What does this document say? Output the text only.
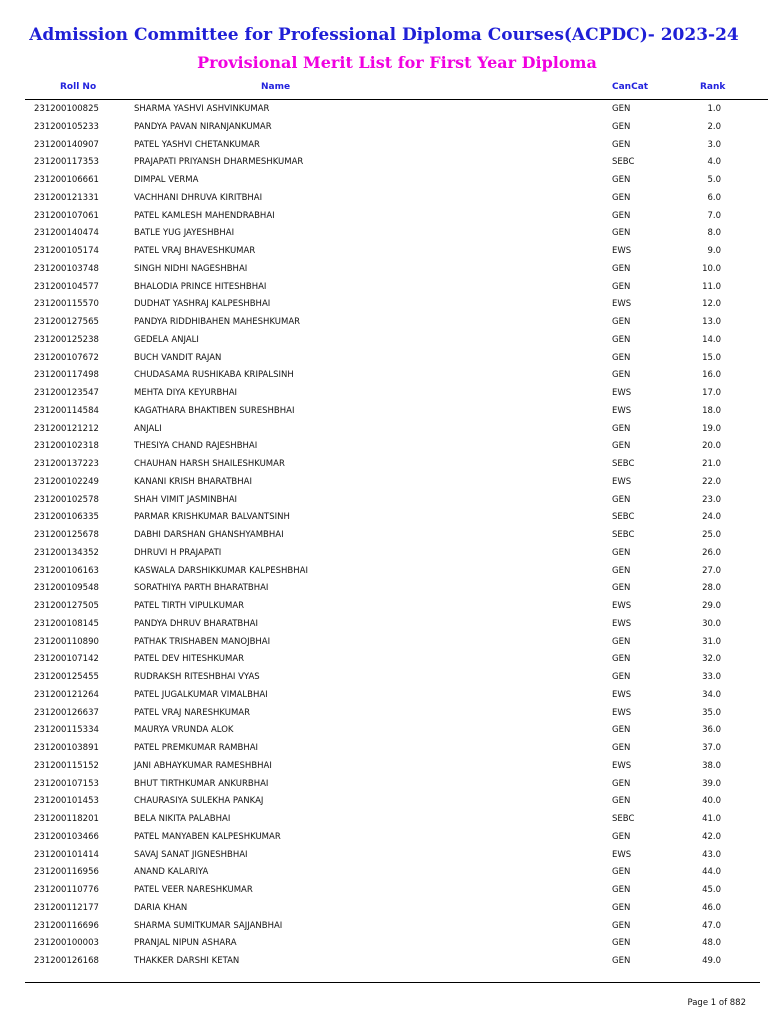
Admission Committee for Professional Diploma Courses(ACPDC)- 2023-24
Provisional Merit List for First Year Diploma
Roll No	Name	CanCat	Rank
231200100825	SHARMA YASHVI ASHVINKUMAR	GEN	1.0
231200105233	PANDYA PAVAN NIRANJANKUMAR	GEN	2.0
231200140907	PATEL YASHVI CHETANKUMAR	GEN	3.0
231200117353	PRAJAPATI PRIYANSH DHARMESHKUMAR	SEBC	4.0
231200106661	DIMPAL VERMA	GEN	5.0
231200121331	VACHHANI DHRUVA KIRITBHAI	GEN	6.0
231200107061	PATEL KAMLESH MAHENDRABHAI	GEN	7.0
231200140474	BATLE YUG JAYESHBHAI	GEN	8.0
231200105174	PATEL VRAJ BHAVESHKUMAR	EWS	9.0
231200103748	SINGH NIDHI NAGESHBHAI	GEN	10.0
231200104577	BHALODIA PRINCE HITESHBHAI	GEN	11.0
231200115570	DUDHAT YASHRAJ KALPESHBHAI	EWS	12.0
231200127565	PANDYA RIDDHIBAHEN MAHESHKUMAR	GEN	13.0
231200125238	GEDELA ANJALI	GEN	14.0
231200107672	BUCH VANDIT RAJAN	GEN	15.0
231200117498	CHUDASAMA RUSHIKABA KRIPALSINH	GEN	16.0
231200123547	MEHTA DIYA KEYURBHAI	EWS	17.0
231200114584	KAGATHARA BHAKTIBEN SURESHBHAI	EWS	18.0
231200121212	ANJALI	GEN	19.0
231200102318	THESIYA CHAND RAJESHBHAI	GEN	20.0
231200137223	CHAUHAN HARSH SHAILESHKUMAR	SEBC	21.0
231200102249	KANANI KRISH BHARATBHAI	EWS	22.0
231200102578	SHAH VIMIT JASMINBHAI	GEN	23.0
231200106335	PARMAR KRISHKUMAR BALVANTSINH	SEBC	24.0
231200125678	DABHI DARSHAN GHANSHYAMBHAI	SEBC	25.0
231200134352	DHRUVI H PRAJAPATI	GEN	26.0
231200106163	KASWALA DARSHIKKUMAR KALPESHBHAI	GEN	27.0
231200109548	SORATHIYA PARTH BHARATBHAI	GEN	28.0
231200127505	PATEL TIRTH VIPULKUMAR	EWS	29.0
231200108145	PANDYA DHRUV BHARATBHAI	EWS	30.0
231200110890	PATHAK TRISHABEN MANOJBHAI	GEN	31.0
231200107142	PATEL DEV HITESHKUMAR	GEN	32.0
231200125455	RUDRAKSH RITESHBHAI VYAS	GEN	33.0
231200121264	PATEL JUGALKUMAR VIMALBHAI	EWS	34.0
231200126637	PATEL VRAJ NARESHKUMAR	EWS	35.0
231200115334	MAURYA VRUNDA ALOK	GEN	36.0
231200103891	PATEL PREMKUMAR RAMBHAI	GEN	37.0
231200115152	JANI ABHAYKUMAR RAMESHBHAI	EWS	38.0
231200107153	BHUT TIRTHKUMAR ANKURBHAI	GEN	39.0
231200101453	CHAURASIYA SULEKHA PANKAJ	GEN	40.0
231200118201	BELA NIKITA PALABHAI	SEBC	41.0
231200103466	PATEL MANYABEN KALPESHKUMAR	GEN	42.0
231200101414	SAVAJ SANAT JIGNESHBHAI	EWS	43.0
231200116956	ANAND KALARIYA	GEN	44.0
231200110776	PATEL VEER NARESHKUMAR	GEN	45.0
231200112177	DARIA KHAN	GEN	46.0
231200116696	SHARMA SUMITKUMAR SAJJANBHAI	GEN	47.0
231200100003	PRANJAL NIPUN ASHARA	GEN	48.0
231200126168	THAKKER DARSHI KETAN	GEN	49.0
Page 1 of 882
